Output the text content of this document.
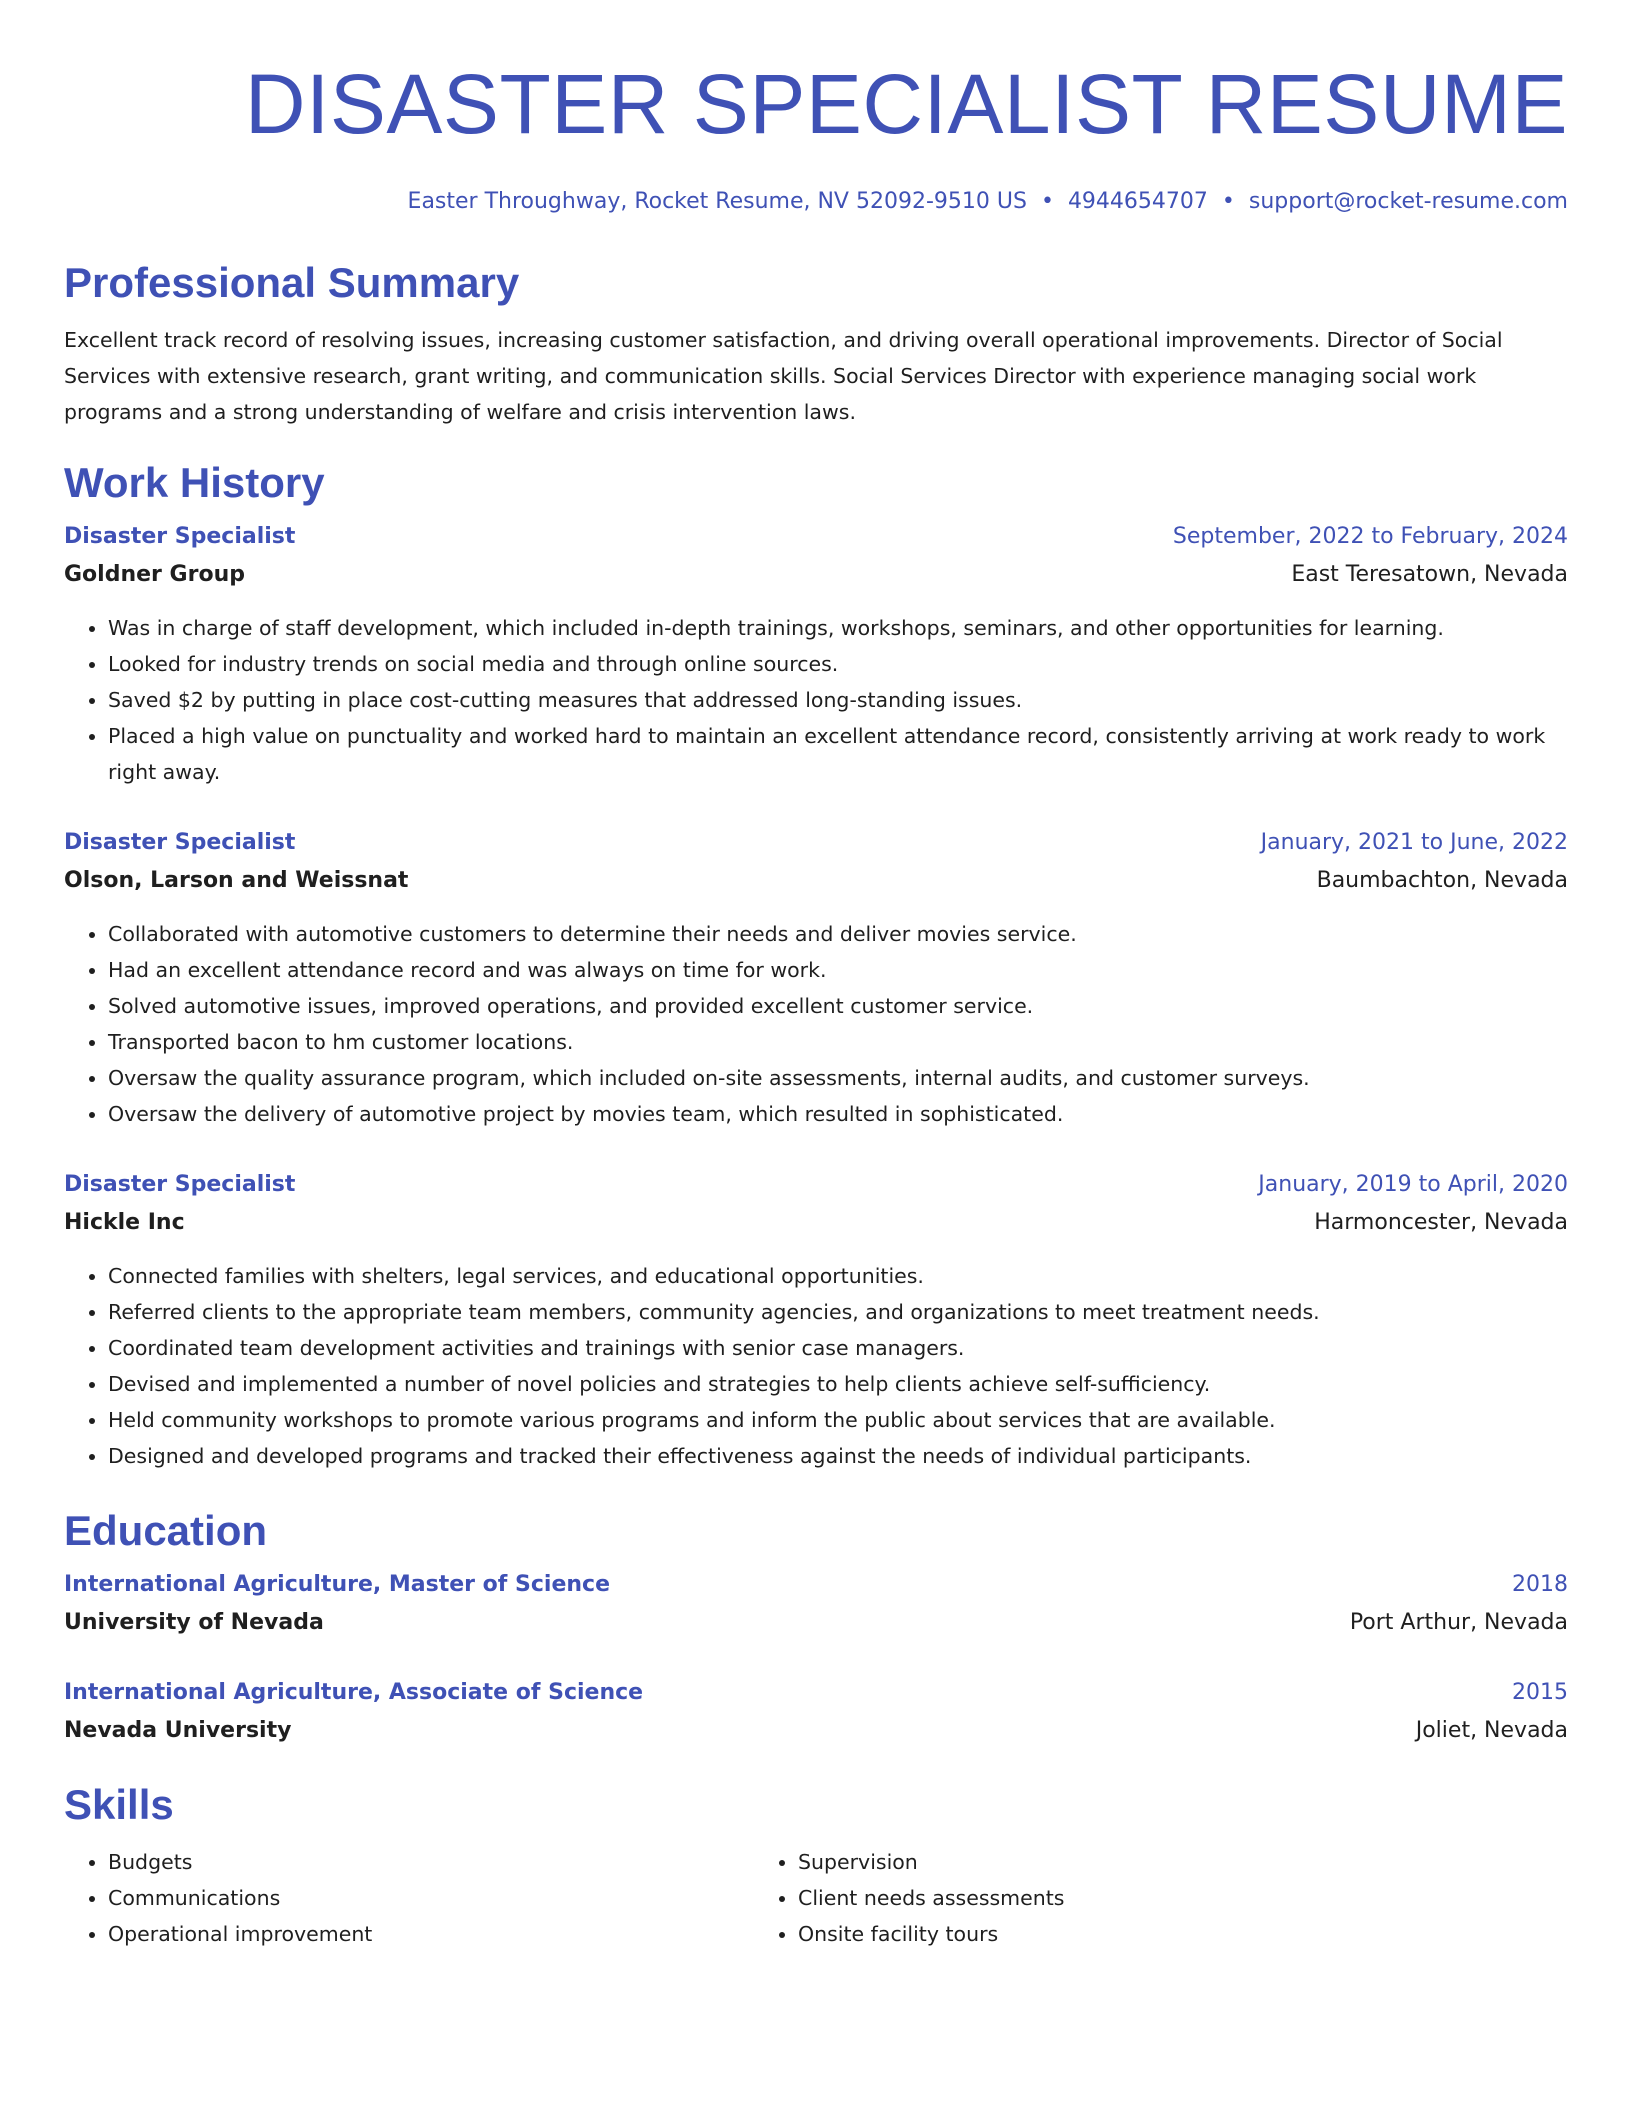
DISASTER SPECIALIST RESUME
Easter Throughway, Rocket Resume, NV 52092-9510 US • 4944654707 • support@rocket-resume.com
Professional Summary
Excellent track record of resolving issues, increasing customer satisfaction, and driving overall operational improvements. Director of Social Services with extensive research, grant writing, and communication skills. Social Services Director with experience managing social work programs and a strong understanding of welfare and crisis intervention laws.
Work History
Disaster Specialist	September, 2022 to February, 2024
Goldner Group	East Teresatown, Nevada
• Was in charge of staff development, which included in-depth trainings, workshops, seminars, and other opportunities for learning.
• Looked for industry trends on social media and through online sources.
• Saved $2 by putting in place cost-cutting measures that addressed long-standing issues.
• Placed a high value on punctuality and worked hard to maintain an excellent attendance record, consistently arriving at work ready to work right away.
Disaster Specialist	January, 2021 to June, 2022
Olson, Larson and Weissnat	Baumbachton, Nevada
• Collaborated with automotive customers to determine their needs and deliver movies service.
• Had an excellent attendance record and was always on time for work.
• Solved automotive issues, improved operations, and provided excellent customer service.
• Transported bacon to hm customer locations.
• Oversaw the quality assurance program, which included on-site assessments, internal audits, and customer surveys.
• Oversaw the delivery of automotive project by movies team, which resulted in sophisticated.
Disaster Specialist	January, 2019 to April, 2020
Hickle Inc	Harmoncester, Nevada
• Connected families with shelters, legal services, and educational opportunities.
• Referred clients to the appropriate team members, community agencies, and organizations to meet treatment needs.
• Coordinated team development activities and trainings with senior case managers.
• Devised and implemented a number of novel policies and strategies to help clients achieve self-sufficiency.
• Held community workshops to promote various programs and inform the public about services that are available.
• Designed and developed programs and tracked their effectiveness against the needs of individual participants.
Education
International Agriculture, Master of Science	2018
University of Nevada	Port Arthur, Nevada
International Agriculture, Associate of Science	2015
Nevada University	Joliet, Nevada
Skills
• Budgets
• Communications
• Operational improvement
• Supervision
• Client needs assessments
• Onsite facility tours
